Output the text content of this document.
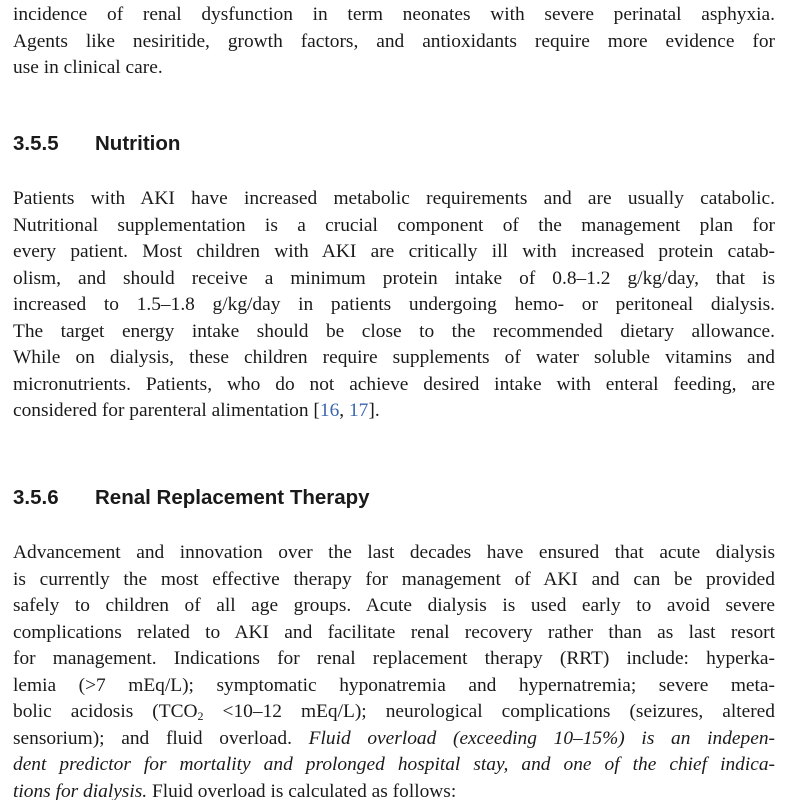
incidence of renal dysfunction in term neonates with severe perinatal asphyxia.
Agents like nesiritide, growth factors, and antioxidants require more evidence for
use in clinical care.
3.5.5 Nutrition
Patients with AKI have increased metabolic requirements and are usually catabolic.
Nutritional supplementation is a crucial component of the management plan for
every patient. Most children with AKI are critically ill with increased protein catab-
olism, and should receive a minimum protein intake of 0.8–1.2 g/kg/day, that is
increased to 1.5–1.8 g/kg/day in patients undergoing hemo- or peritoneal dialysis.
The target energy intake should be close to the recommended dietary allowance.
While on dialysis, these children require supplements of water soluble vitamins and
micronutrients. Patients, who do not achieve desired intake with enteral feeding, are
considered for parenteral alimentation [16, 17].
3.5.6 Renal Replacement Therapy
Advancement and innovation over the last decades have ensured that acute dialysis
is currently the most effective therapy for management of AKI and can be provided
safely to children of all age groups. Acute dialysis is used early to avoid severe
complications related to AKI and facilitate renal recovery rather than as last resort
for management. Indications for renal replacement therapy (RRT) include: hyperka-
lemia (>7 mEq/L); symptomatic hyponatremia and hypernatremia; severe meta-
bolic acidosis ($TCO_2 <10-12$ mEq/L); neurological complications (seizures, altered
sensorium); and fluid overload. Fluid overload (exceeding 10–15%) is an indepen-
dent predictor for mortality and prolonged hospital stay, and one of the chief indica-
tions for dialysis. Fluid overload is calculated as follows:
